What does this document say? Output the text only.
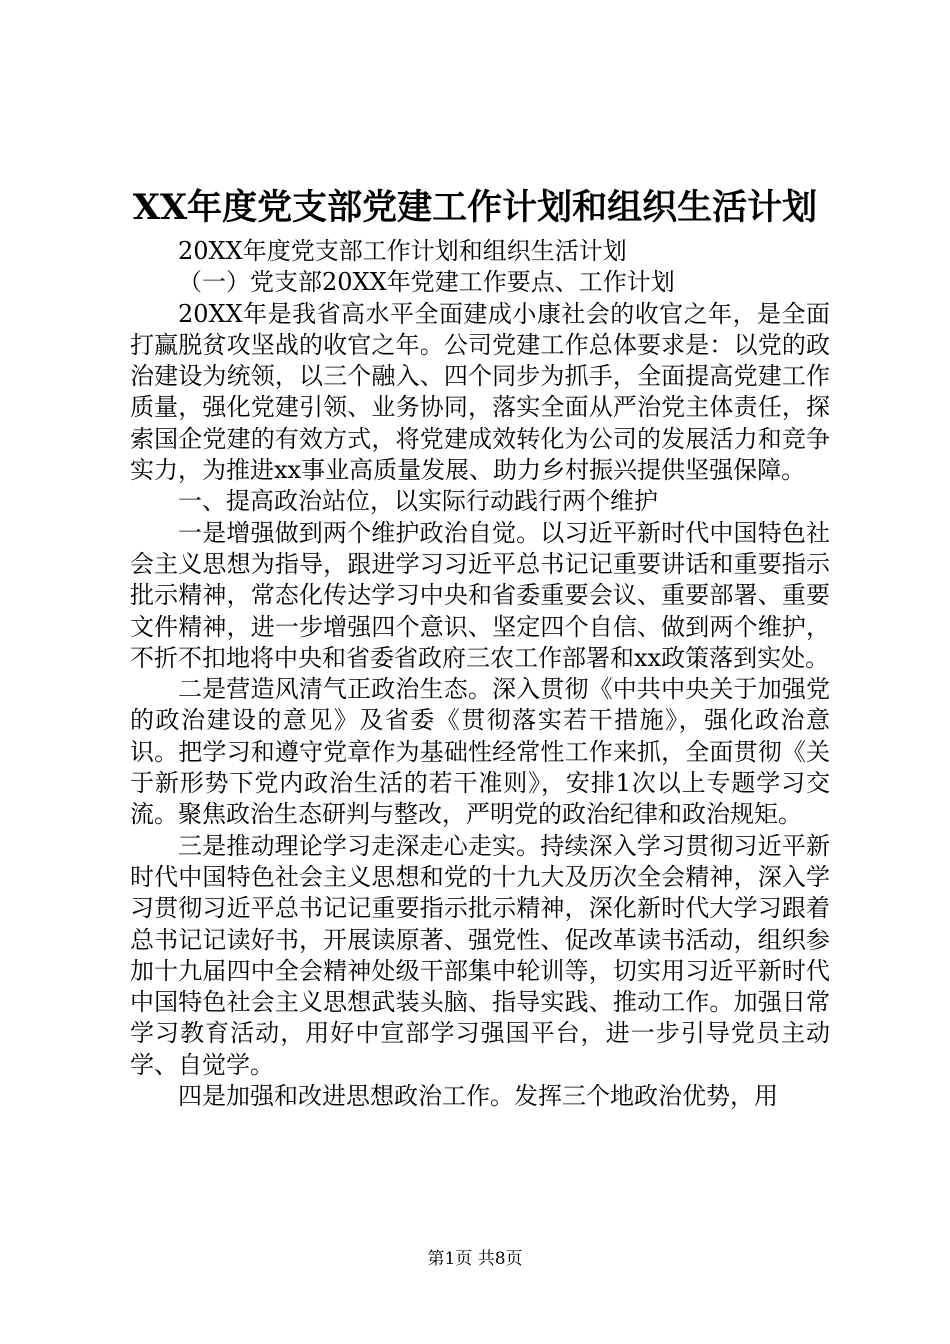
XX年度党支部党建工作计划和组织生活计划

20XX年度党支部工作计划和组织生活计划

（一）党支部20XX年党建工作要点、工作计划

20XX年是我省高水平全面建成小康社会的收官之年，是全面打赢脱贫攻坚战的收官之年。公司党建工作总体要求是：以党的政治建设为统领，以三个融入、四个同步为抓手，全面提高党建工作质量，强化党建引领、业务协同，落实全面从严治党主体责任，探索国企党建的有效方式，将党建成效转化为公司的发展活力和竞争实力，为推进xx事业高质量发展、助力乡村振兴提供坚强保障。

一、提高政治站位，以实际行动践行两个维护

一是增强做到两个维护政治自觉。以习近平新时代中国特色社会主义思想为指导，跟进学习习近平总书记记重要讲话和重要指示批示精神，常态化传达学习中央和省委重要会议、重要部署、重要文件精神，进一步增强四个意识、坚定四个自信、做到两个维护，不折不扣地将中央和省委省政府三农工作部署和xx政策落到实处。

二是营造风清气正政治生态。深入贯彻《中共中央关于加强党的政治建设的意见》及省委《贯彻落实若干措施》，强化政治意识。把学习和遵守党章作为基础性经常性工作来抓，全面贯彻《关于新形势下党内政治生活的若干准则》，安排1次以上专题学习交流。聚焦政治生态研判与整改，严明党的政治纪律和政治规矩。

三是推动理论学习走深走心走实。持续深入学习贯彻习近平新时代中国特色社会主义思想和党的十九大及历次全会精神，深入学习贯彻习近平总书记记重要指示批示精神，深化新时代大学习跟着总书记记读好书，开展读原著、强党性、促改革读书活动，组织参加十九届四中全会精神处级干部集中轮训等，切实用习近平新时代中国特色社会主义思想武装头脑、指导实践、推动工作。加强日常学习教育活动，用好中宣部学习强国平台，进一步引导党员主动学、自觉学。

四是加强和改进思想政治工作。发挥三个地政治优势，用

第1页 共8页
